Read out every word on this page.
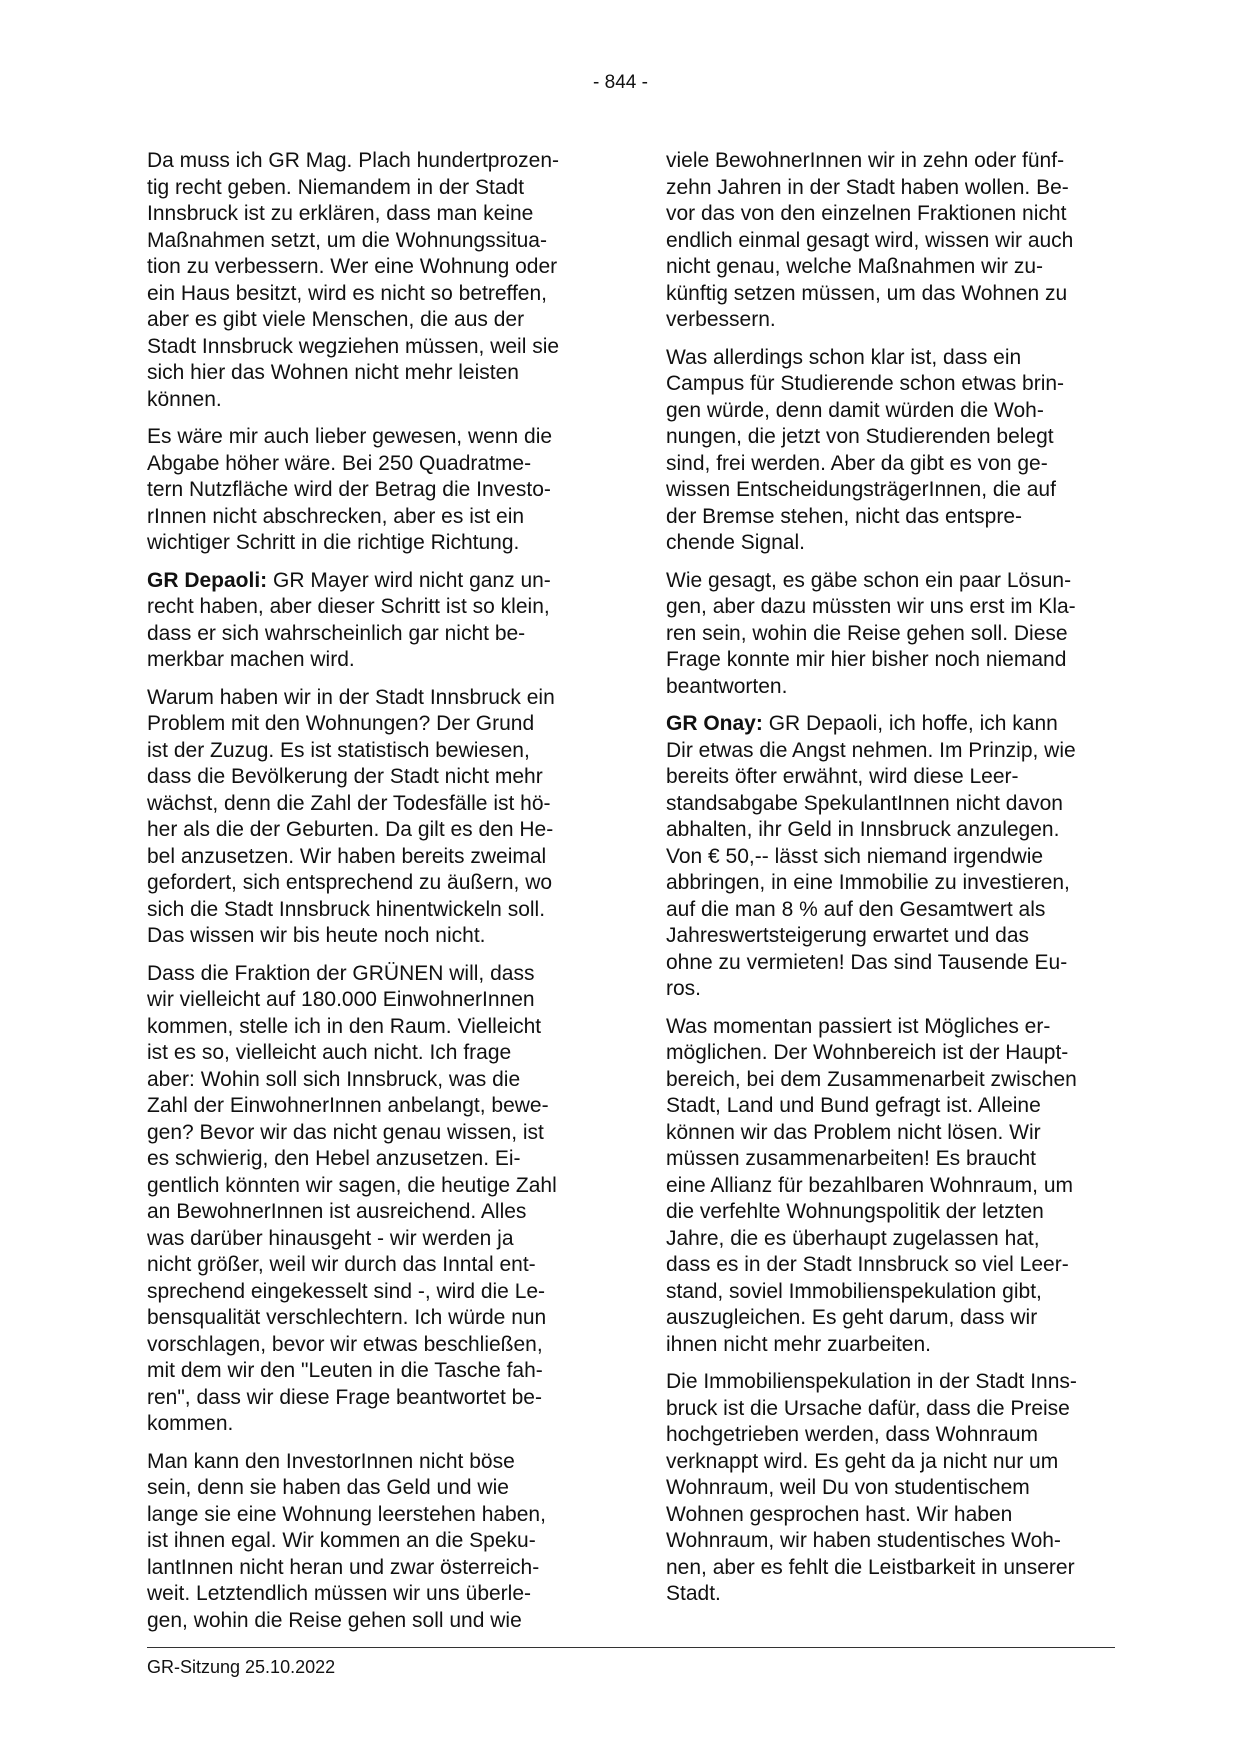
- 844 -

Da muss ich GR Mag. Plach hundertprozen-
tig recht geben. Niemandem in der Stadt
Innsbruck ist zu erklären, dass man keine
Maßnahmen setzt, um die Wohnungssitua-
tion zu verbessern. Wer eine Wohnung oder
ein Haus besitzt, wird es nicht so betreffen,
aber es gibt viele Menschen, die aus der
Stadt Innsbruck wegziehen müssen, weil sie
sich hier das Wohnen nicht mehr leisten
können.

Es wäre mir auch lieber gewesen, wenn die
Abgabe höher wäre. Bei 250 Quadratme-
tern Nutzfläche wird der Betrag die Investo-
rInnen nicht abschrecken, aber es ist ein
wichtiger Schritt in die richtige Richtung.

GR Depaoli: GR Mayer wird nicht ganz un-
recht haben, aber dieser Schritt ist so klein,
dass er sich wahrscheinlich gar nicht be-
merkbar machen wird.

Warum haben wir in der Stadt Innsbruck ein
Problem mit den Wohnungen? Der Grund
ist der Zuzug. Es ist statistisch bewiesen,
dass die Bevölkerung der Stadt nicht mehr
wächst, denn die Zahl der Todesfälle ist hö-
her als die der Geburten. Da gilt es den He-
bel anzusetzen. Wir haben bereits zweimal
gefordert, sich entsprechend zu äußern, wo
sich die Stadt Innsbruck hinentwickeln soll.
Das wissen wir bis heute noch nicht.

Dass die Fraktion der GRÜNEN will, dass
wir vielleicht auf 180.000 EinwohnerInnen
kommen, stelle ich in den Raum. Vielleicht
ist es so, vielleicht auch nicht. Ich frage
aber: Wohin soll sich Innsbruck, was die
Zahl der EinwohnerInnen anbelangt, bewe-
gen? Bevor wir das nicht genau wissen, ist
es schwierig, den Hebel anzusetzen. Ei-
gentlich könnten wir sagen, die heutige Zahl
an BewohnerInnen ist ausreichend. Alles
was darüber hinausgeht - wir werden ja
nicht größer, weil wir durch das Inntal ent-
sprechend eingekesselt sind -, wird die Le-
bensqualität verschlechtern. Ich würde nun
vorschlagen, bevor wir etwas beschließen,
mit dem wir den "Leuten in die Tasche fah-
ren", dass wir diese Frage beantwortet be-
kommen.

Man kann den InvestorInnen nicht böse
sein, denn sie haben das Geld und wie
lange sie eine Wohnung leerstehen haben,
ist ihnen egal. Wir kommen an die Speku-
lantInnen nicht heran und zwar österreich-
weit. Letztendlich müssen wir uns überle-
gen, wohin die Reise gehen soll und wie

viele BewohnerInnen wir in zehn oder fünf-
zehn Jahren in der Stadt haben wollen. Be-
vor das von den einzelnen Fraktionen nicht
endlich einmal gesagt wird, wissen wir auch
nicht genau, welche Maßnahmen wir zu-
künftig setzen müssen, um das Wohnen zu
verbessern.

Was allerdings schon klar ist, dass ein
Campus für Studierende schon etwas brin-
gen würde, denn damit würden die Woh-
nungen, die jetzt von Studierenden belegt
sind, frei werden. Aber da gibt es von ge-
wissen EntscheidungsträgerInnen, die auf
der Bremse stehen, nicht das entspre-
chende Signal.

Wie gesagt, es gäbe schon ein paar Lösun-
gen, aber dazu müssten wir uns erst im Kla-
ren sein, wohin die Reise gehen soll. Diese
Frage konnte mir hier bisher noch niemand
beantworten.

GR Onay: GR Depaoli, ich hoffe, ich kann
Dir etwas die Angst nehmen. Im Prinzip, wie
bereits öfter erwähnt, wird diese Leer-
standsabgabe SpekulantInnen nicht davon
abhalten, ihr Geld in Innsbruck anzulegen.
Von € 50,-- lässt sich niemand irgendwie
abbringen, in eine Immobilie zu investieren,
auf die man 8 % auf den Gesamtwert als
Jahreswertsteigerung erwartet und das
ohne zu vermieten! Das sind Tausende Eu-
ros.

Was momentan passiert ist Mögliches er-
möglichen. Der Wohnbereich ist der Haupt-
bereich, bei dem Zusammenarbeit zwischen
Stadt, Land und Bund gefragt ist. Alleine
können wir das Problem nicht lösen. Wir
müssen zusammenarbeiten! Es braucht
eine Allianz für bezahlbaren Wohnraum, um
die verfehlte Wohnungspolitik der letzten
Jahre, die es überhaupt zugelassen hat,
dass es in der Stadt Innsbruck so viel Leer-
stand, soviel Immobilienspekulation gibt,
auszugleichen. Es geht darum, dass wir
ihnen nicht mehr zuarbeiten.

Die Immobilienspekulation in der Stadt Inns-
bruck ist die Ursache dafür, dass die Preise
hochgetrieben werden, dass Wohnraum
verknappt wird. Es geht da ja nicht nur um
Wohnraum, weil Du von studentischem
Wohnen gesprochen hast. Wir haben
Wohnraum, wir haben studentisches Woh-
nen, aber es fehlt die Leistbarkeit in unserer
Stadt.

GR-Sitzung 25.10.2022
